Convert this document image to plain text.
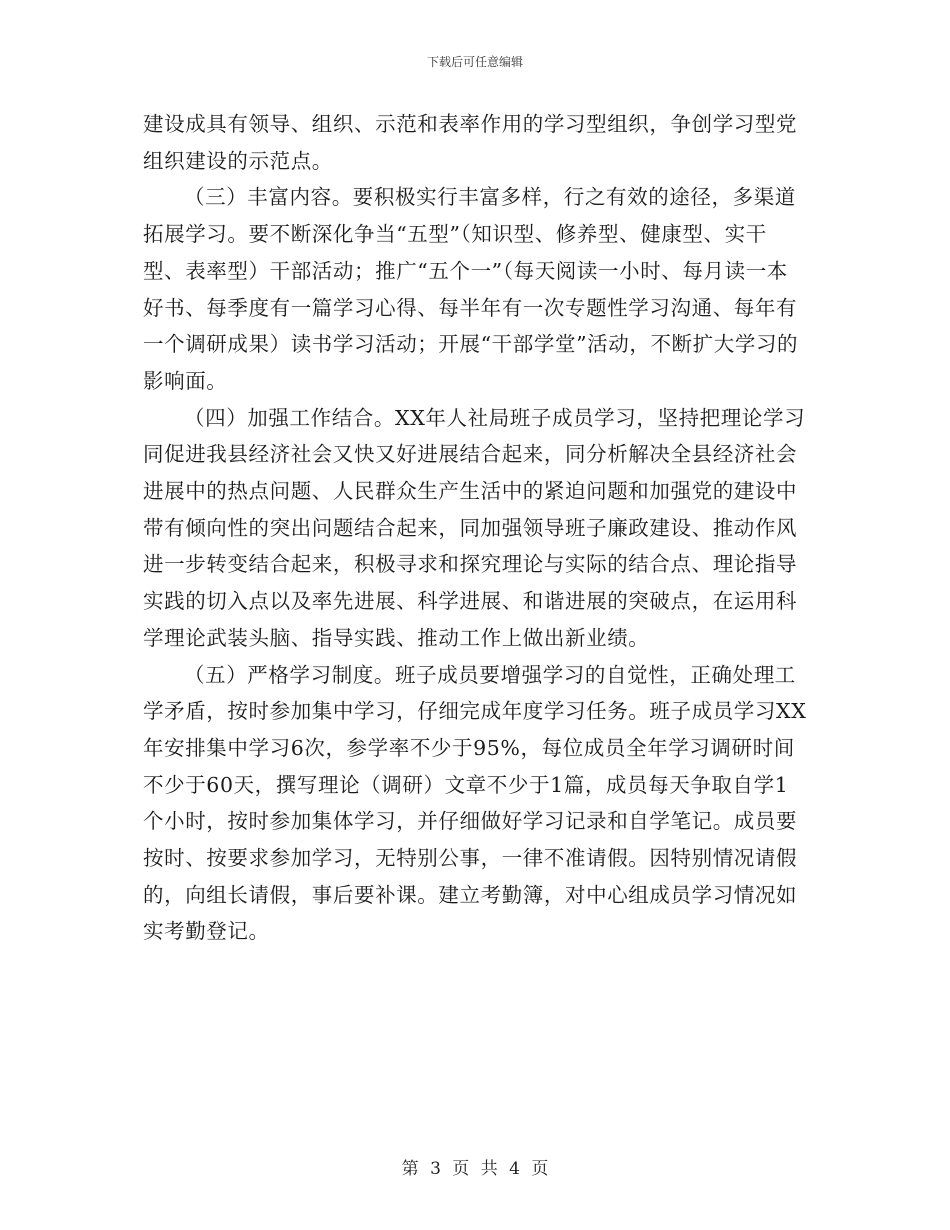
下载后可任意编辑

建设成具有领导、组织、示范和表率作用的学习型组织，争创学习型党组织建设的示范点。

（三）丰富内容。要积极实行丰富多样，行之有效的途径，多渠道拓展学习。要不断深化争当“五型”（知识型、修养型、健康型、实干型、表率型）干部活动；推广“五个一”（每天阅读一小时、每月读一本好书、每季度有一篇学习心得、每半年有一次专题性学习沟通、每年有一个调研成果）读书学习活动；开展“干部学堂”活动，不断扩大学习的影响面。

（四）加强工作结合。XX年人社局班子成员学习，坚持把理论学习同促进我县经济社会又快又好进展结合起来，同分析解决全县经济社会进展中的热点问题、人民群众生产生活中的紧迫问题和加强党的建设中带有倾向性的突出问题结合起来，同加强领导班子廉政建设、推动作风进一步转变结合起来，积极寻求和探究理论与实际的结合点、理论指导实践的切入点以及率先进展、科学进展、和谐进展的突破点，在运用科学理论武装头脑、指导实践、推动工作上做出新业绩。

（五）严格学习制度。班子成员要增强学习的自觉性，正确处理工学矛盾，按时参加集中学习，仔细完成年度学习任务。班子成员学习XX年安排集中学习6次，参学率不少于95%，每位成员全年学习调研时间不少于60天，撰写理论（调研）文章不少于1篇，成员每天争取自学1个小时，按时参加集体学习，并仔细做好学习记录和自学笔记。成员要按时、按要求参加学习，无特别公事，一律不准请假。因特别情况请假的，向组长请假，事后要补课。建立考勤簿，对中心组成员学习情况如实考勤登记。

第 3 页 共 4 页
